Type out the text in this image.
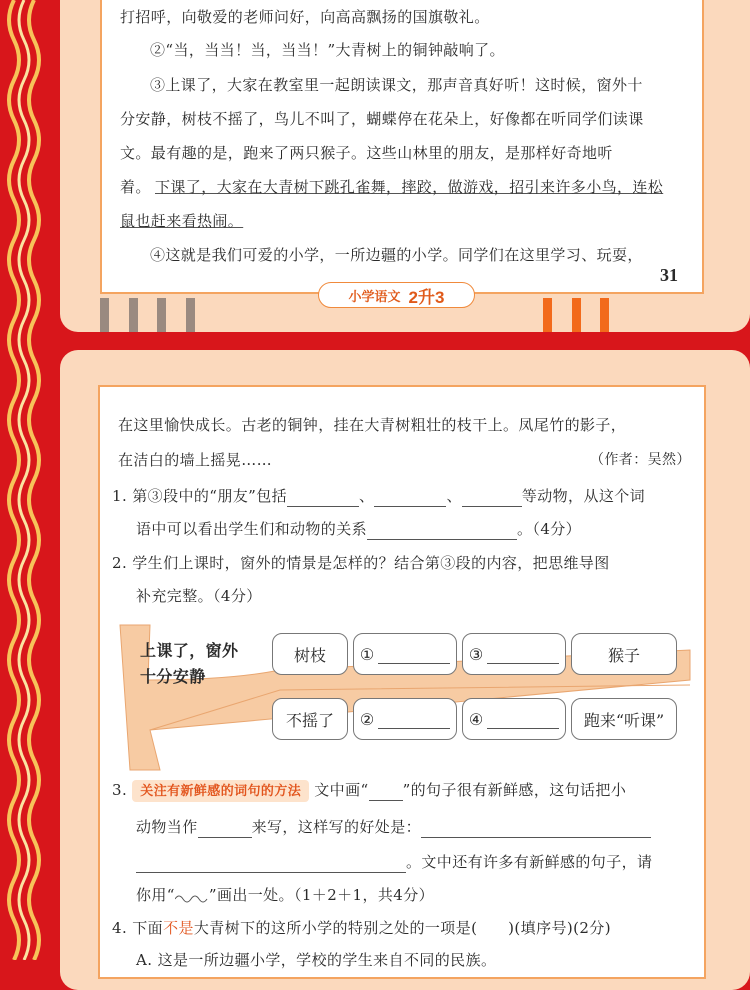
打招呼，向敬爱的老师问好，向高高飘扬的国旗敬礼。
②“当，当当！当，当当！”大青树上的铜钟敲响了。
③上课了，大家在教室里一起朗读课文，那声音真好听！这时候，窗外十
分安静，树枝不摇了，鸟儿不叫了，蝴蝶停在花朵上，好像都在听同学们读课
文。最有趣的是，跑来了两只猴子。这些山林里的朋友，是那样好奇地听
着。 下课了，大家在大青树下跳孔雀舞，摔跤，做游戏，招引来许多小鸟，连松
鼠也赶来看热闹。
④这就是我们可爱的小学，一所边疆的小学。同学们在这里学习、玩耍，
31
小学语文 2升3
在这里愉快成长。古老的铜钟，挂在大青树粗壮的枝干上。凤尾竹的影子，
在洁白的墙上摇晃……	（作者：吴然）
1. 第③段中的“朋友”包括	、	、	等动物，从这个词
语中可以看出学生们和动物的关系	。（4分）
2. 学生们上课时，窗外的情景是怎样的？结合第③段的内容，把思维导图
补充完整。（4分）
上课了，窗外
十分安静
树枝	①	③	猴子
不摇了	②	④	跑来“听课”
3. 关注有新鲜感的词句的方法 文中画“ ”的句子很有新鲜感，这句话把小
动物当作	来写，这样写的好处是：
。文中还有许多有新鲜感的句子，请
你用“ ”画出一处。（1＋2＋1，共4分）
4. 下面不是大青树下的这所小学的特别之处的一项是(　　)(填序号)(2分)
A. 这是一所边疆小学，学校的学生来自不同的民族。
